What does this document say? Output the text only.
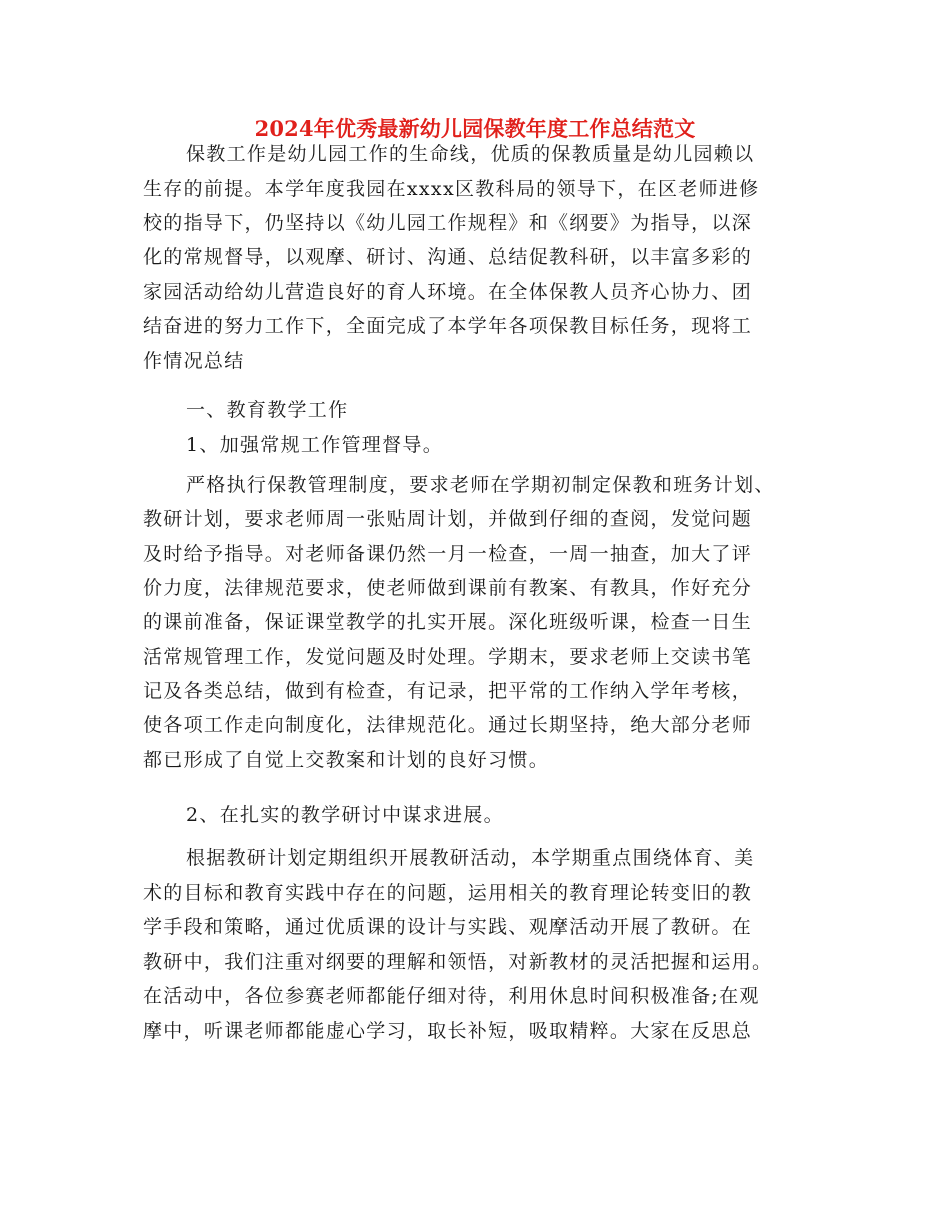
2024年优秀最新幼儿园保教年度工作总结范文
保教工作是幼儿园工作的生命线，优质的保教质量是幼儿园赖以
生存的前提。本学年度我园在xxxx区教科局的领导下，在区老师进修
校的指导下，仍坚持以《幼儿园工作规程》和《纲要》为指导，以深
化的常规督导，以观摩、研讨、沟通、总结促教科研，以丰富多彩的
家园活动给幼儿营造良好的育人环境。在全体保教人员齐心协力、团
结奋进的努力工作下，全面完成了本学年各项保教目标任务，现将工
作情况总结
一、教育教学工作
1、加强常规工作管理督导。
严格执行保教管理制度，要求老师在学期初制定保教和班务计划、
教研计划，要求老师周一张贴周计划，并做到仔细的查阅，发觉问题
及时给予指导。对老师备课仍然一月一检查，一周一抽查，加大了评
价力度，法律规范要求，使老师做到课前有教案、有教具，作好充分
的课前准备，保证课堂教学的扎实开展。深化班级听课，检查一日生
活常规管理工作，发觉问题及时处理。学期末，要求老师上交读书笔
记及各类总结，做到有检查，有记录，把平常的工作纳入学年考核，
使各项工作走向制度化，法律规范化。通过长期坚持，绝大部分老师
都已形成了自觉上交教案和计划的良好习惯。
2、在扎实的教学研讨中谋求进展。
根据教研计划定期组织开展教研活动，本学期重点围绕体育、美
术的目标和教育实践中存在的问题，运用相关的教育理论转变旧的教
学手段和策略，通过优质课的设计与实践、观摩活动开展了教研。在
教研中，我们注重对纲要的理解和领悟，对新教材的灵活把握和运用。
在活动中，各位参赛老师都能仔细对待，利用休息时间积极准备;在观
摩中，听课老师都能虚心学习，取长补短，吸取精粹。大家在反思总
